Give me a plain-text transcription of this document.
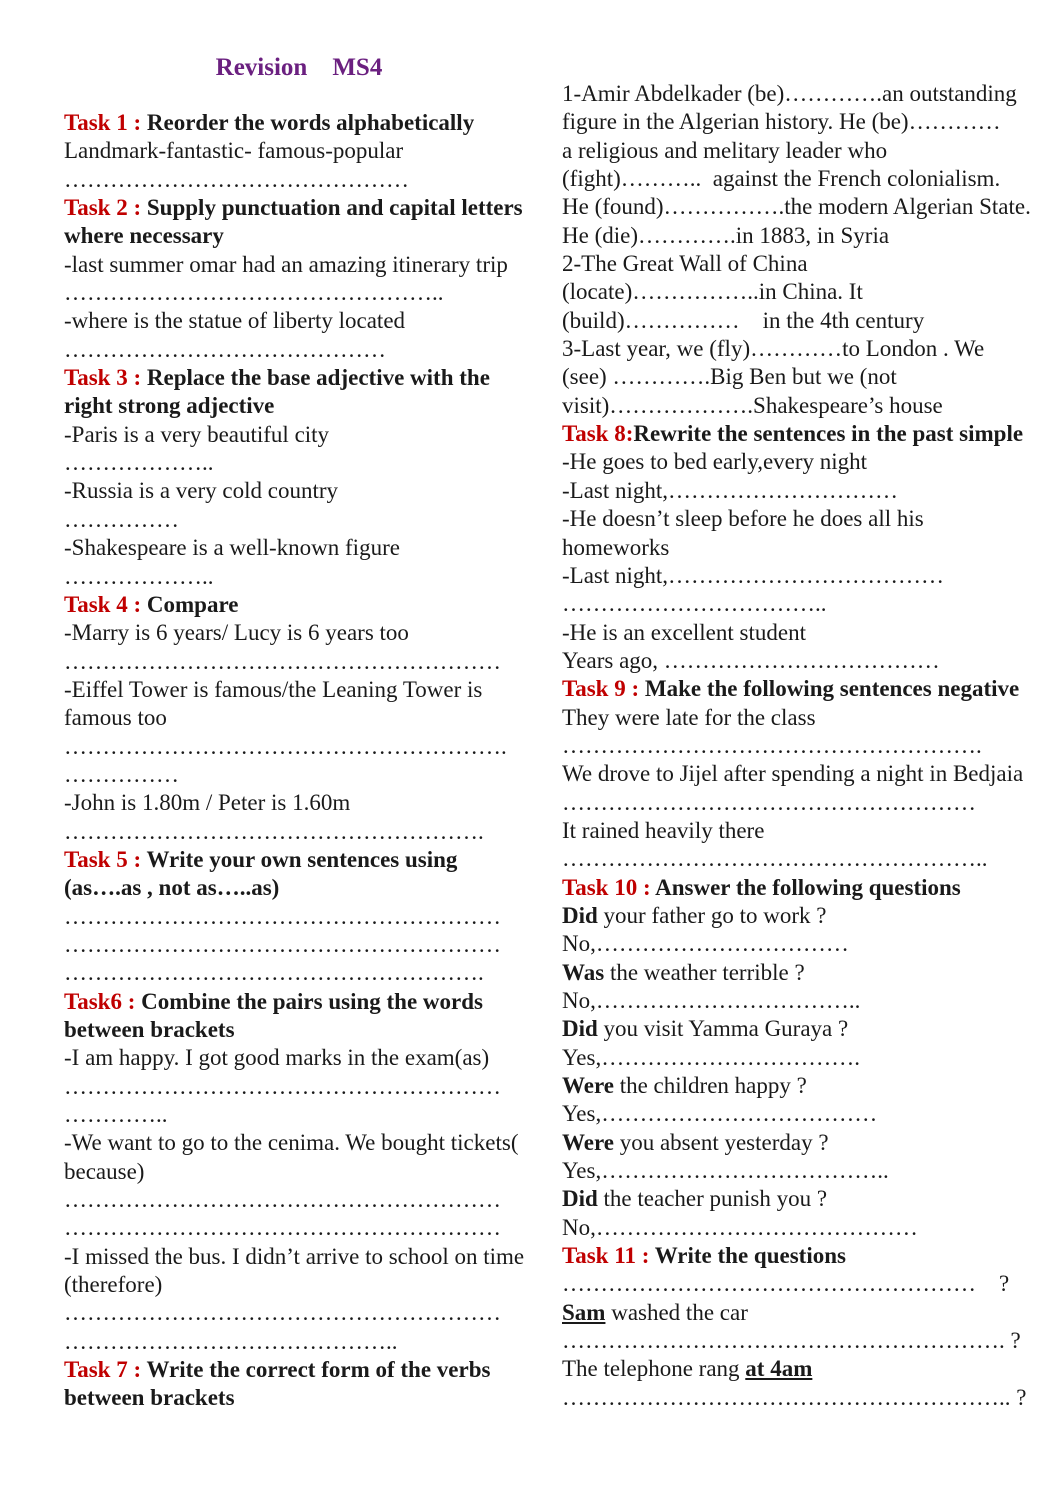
Revision    MS4

Task 1 : Reorder the words alphabetically

Landmark-fantastic- famous-popular

………………………………………

Task 2 : Supply punctuation and capital letters

where necessary

-last summer omar had an amazing itinerary trip

…………………………………………..

-where is the statue of liberty located

……………………………………

Task 3 : Replace the base adjective with the

right strong adjective

-Paris is a very beautiful city

………………..

-Russia is a very cold country

……………

-Shakespeare is a well-known figure

………………..

Task 4 : Compare

-Marry is 6 years/ Lucy is 6 years too

…………………………………………………

-Eiffel Tower is famous/the Leaning Tower is

famous too

………………………………………………….

……………

-John is 1.80m / Peter is 1.60m

……………………………………………….

Task 5 : Write your own sentences using

(as….as , not as…..as)

…………………………………………………

…………………………………………………

……………………………………………….

Task6 : Combine the pairs using the words

between brackets

-I am happy. I got good marks in the exam(as)

…………………………………………………

…………..

-We want to go to the cenima. We bought tickets(

because)

…………………………………………………

…………………………………………………

-I missed the bus. I didn’t arrive to school on time

(therefore)

…………………………………………………

……………………………………..

Task 7 : Write the correct form of the verbs

between brackets

1-Amir Abdelkader (be)………….an outstanding

figure in the Algerian history. He (be)…………

a religious and melitary leader who

(fight)………..  against the French colonialism.

He (found)…………….the modern Algerian State.

He (die)………….in 1883, in Syria

2-The Great Wall of China

(locate)……………..in China. It

(build)……………    in the 4th century

3-Last year, we (fly)…………to London . We

(see) ………….Big Ben but we (not

visit)……………….Shakespeare’s house

Task 8:Rewrite the sentences in the past simple

-He goes to bed early,every night

-Last night,…………………………

-He doesn’t sleep before he does all his

homeworks

-Last night,………………………………

……………………………..

-He is an excellent student

Years ago, ………………………………

Task 9 : Make the following sentences negative

They were late for the class

……………………………………………….

We drove to Jijel after spending a night in Bedjaia

………………………………………………

It rained heavily there

………………………………………………..

Task 10 : Answer the following questions

Did your father go to work ?

No,……………………………

Was the weather terrible ?

No,……………………………..

Did you visit Yamma Guraya ?

Yes,…………………………….

Were the children happy ?

Yes,………………………………

Were you absent yesterday ?

Yes,………………………………..

Did the teacher punish you ?

No,……………………………………

Task 11 : Write the questions

………………………………………………    ?

Sam washed the car

…………………………………………………. ?

The telephone rang at 4am

………………………………………………….. ?
